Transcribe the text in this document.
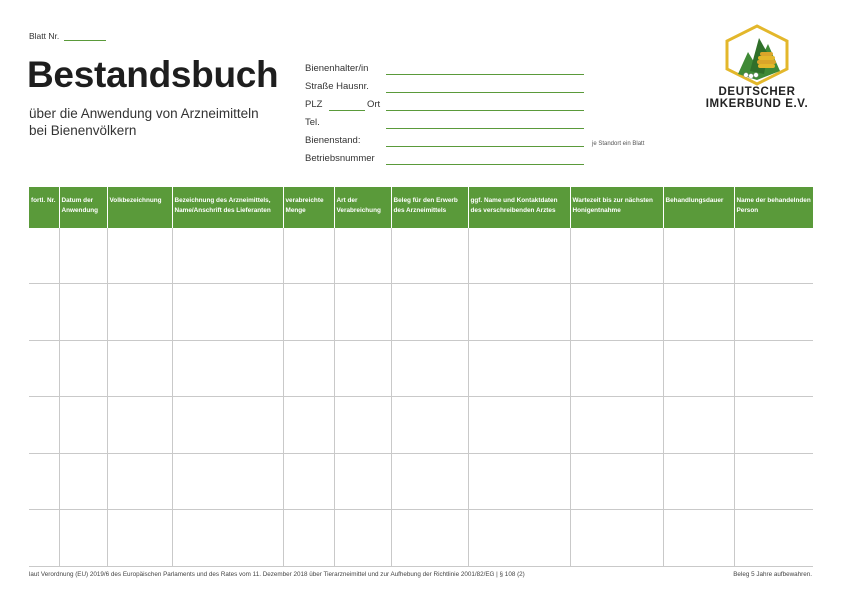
Blatt Nr.
Bestandsbuch
über die Anwendung von Arzneimitteln
bei Bienenvölkern
Bienenhalter/in
Straße Hausnr.
PLZ	Ort
Tel.
Bienenstand:	je Standort ein Blatt
Betriebsnummer
DEUTSCHER
IMKERBUND E.V.
fortl. Nr.	Datum der Anwendung	Volkbezeichnung	Bezeichnung des Arzneimittels, Name/Anschrift des Lieferanten	verabreichte Menge	Art der Verabreichung	Beleg für den Erwerb des Arzneimittels	ggf. Name und Kontaktdaten des verschreibenden Arztes	Wartezeit bis zur nächsten Honigentnahme	Behandlungsdauer	Name der behandelnden Person

laut Verordnung (EU) 2019/6 des Europäischen Parlaments und des Rates vom 11. Dezember 2018 über Tierarzneimittel und zur Aufhebung der Richtlinie 2001/82/EG | § 108 (2)	Beleg 5 Jahre aufbewahren.
